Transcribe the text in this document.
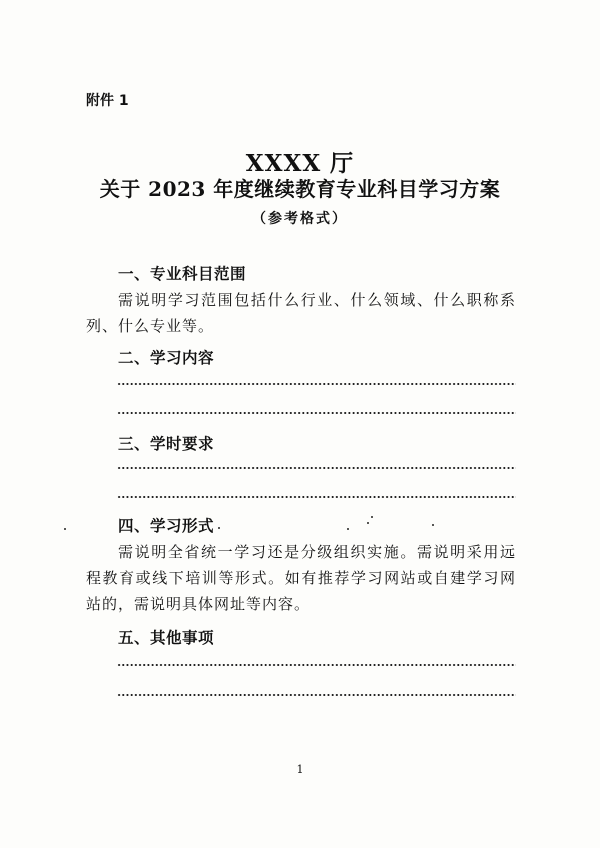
附件 1
XXXX 厅
关于 2023 年度继续教育专业科目学习方案
（参考格式）
一、专业科目范围
需说明学习范围包括什么行业、什么领域、什么职称系列、什么专业等。
二、学习内容
三、学时要求
四、学习形式
需说明全省统一学习还是分级组织实施。需说明采用远程教育或线下培训等形式。如有推荐学习网站或自建学习网站的，需说明具体网址等内容。
五、其他事项
1
